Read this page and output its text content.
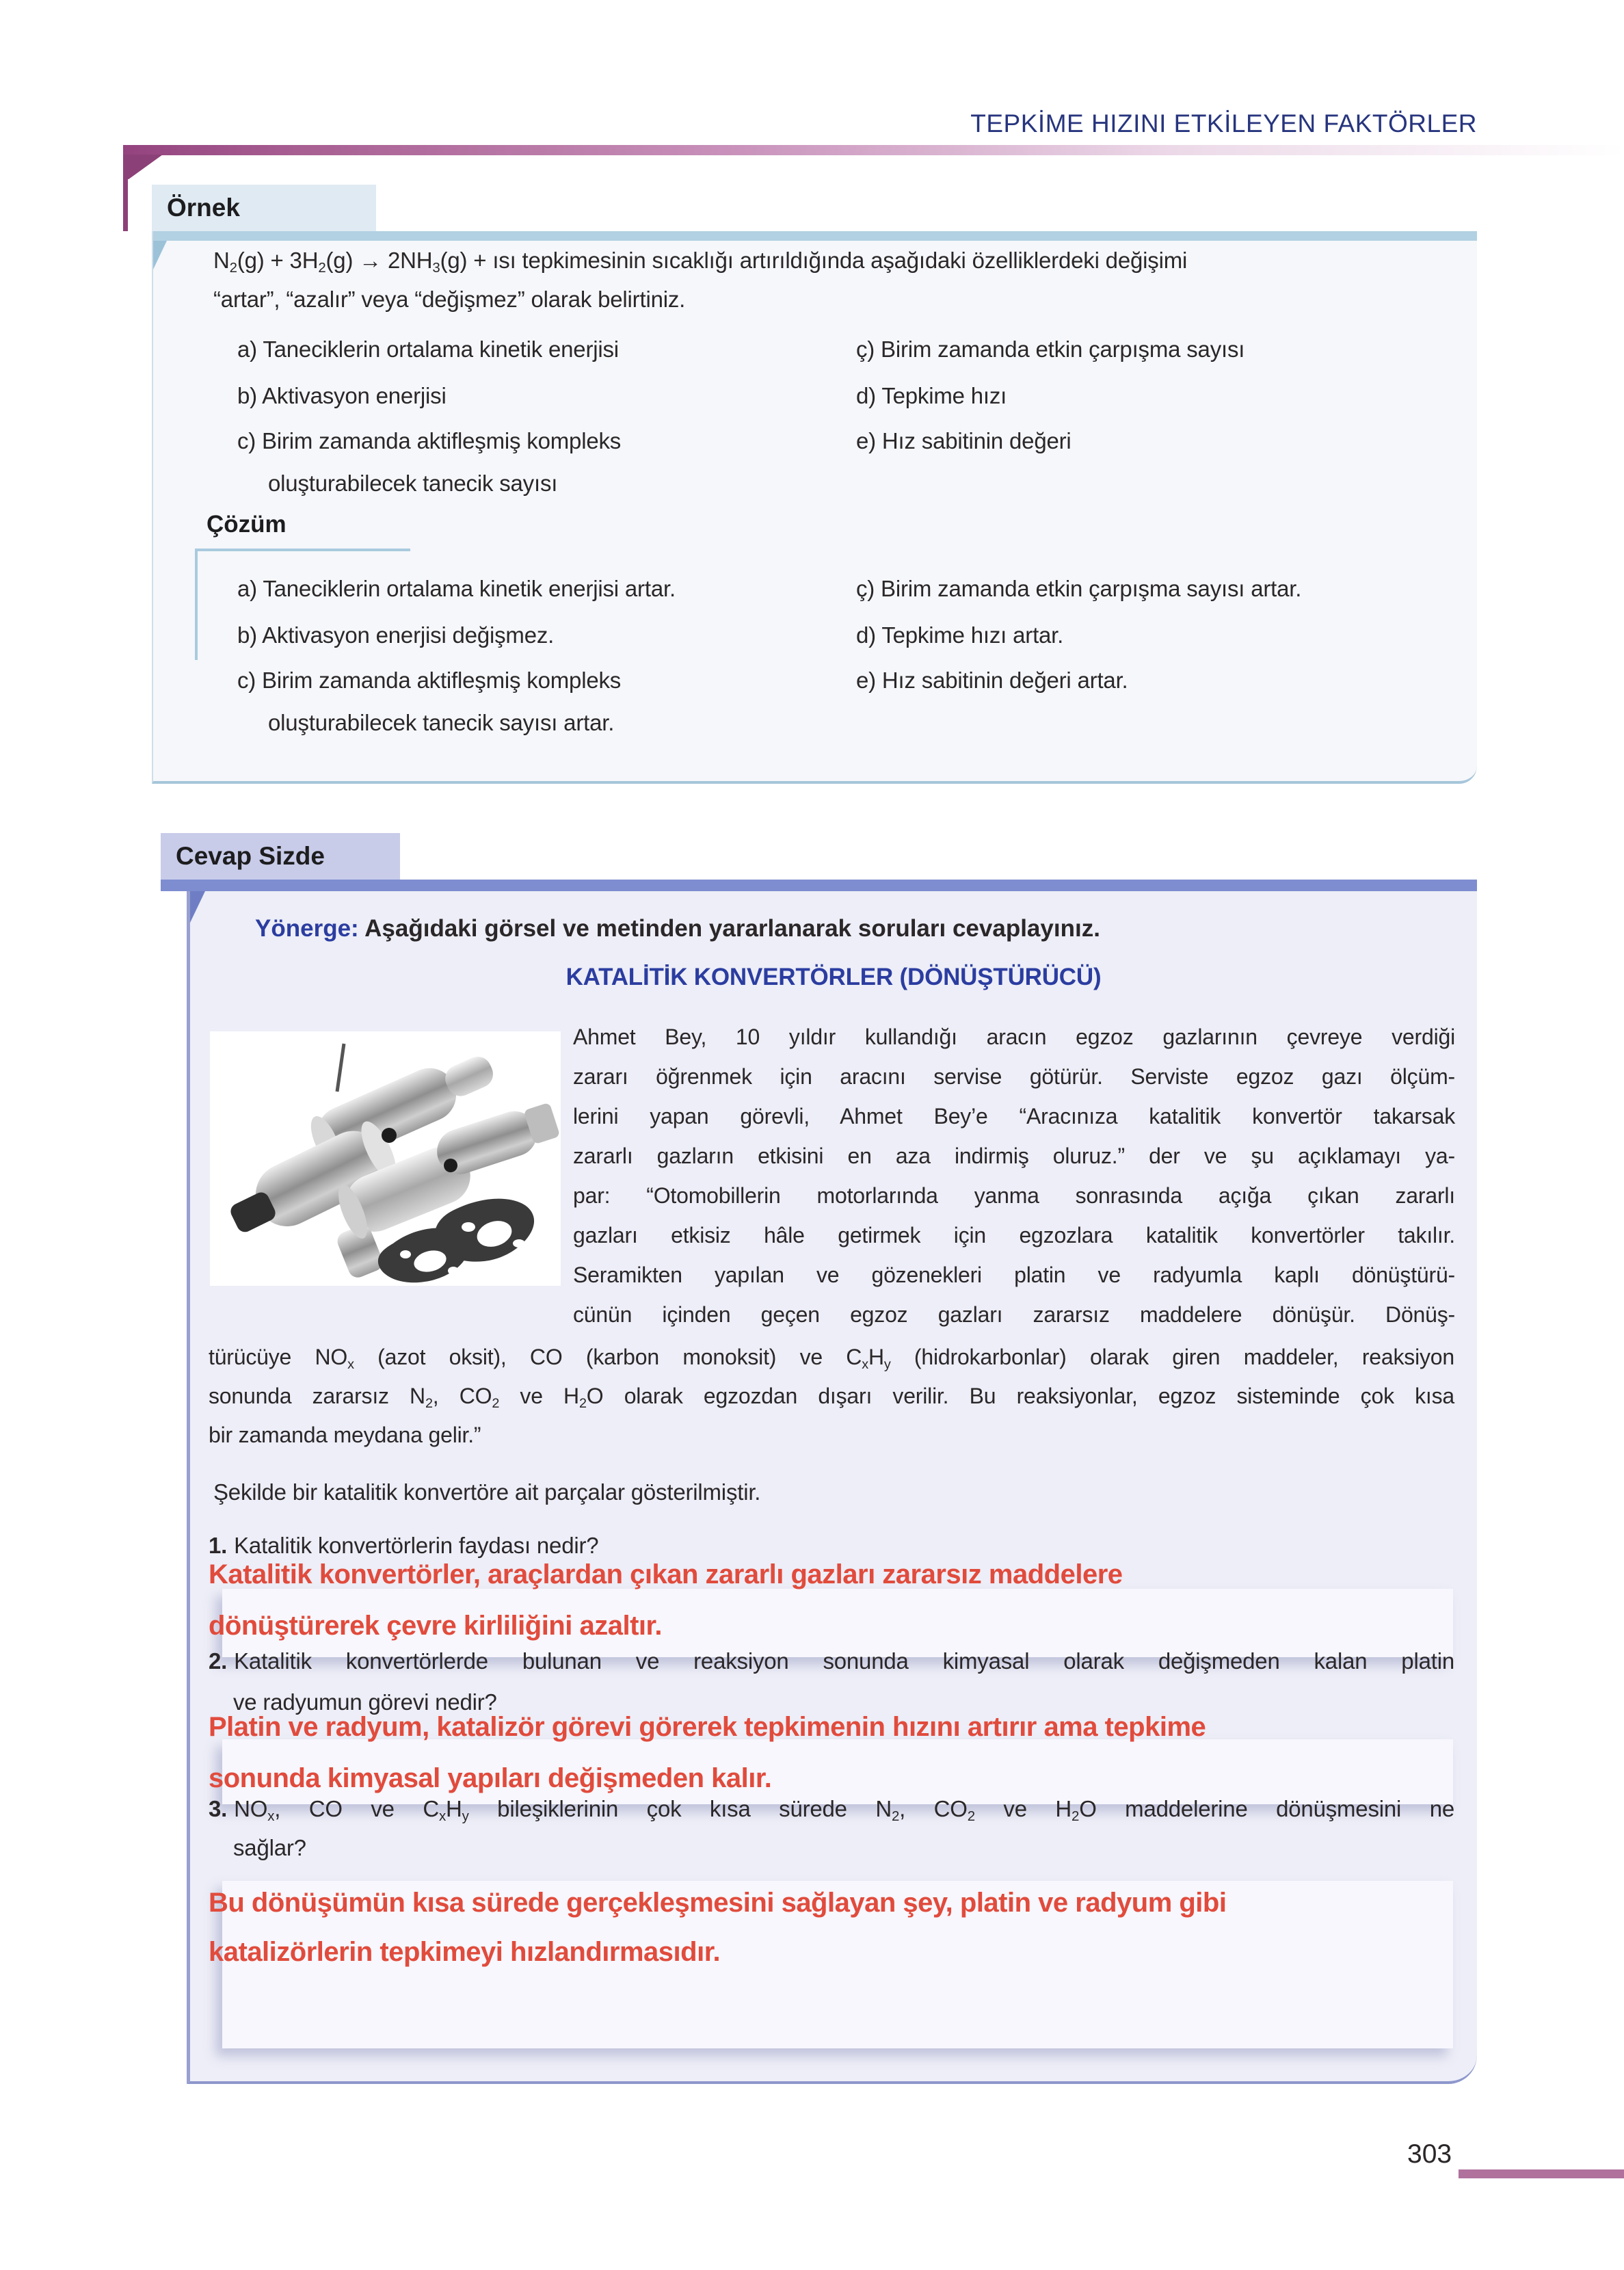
TEPKİME HIZINI ETKİLEYEN FAKTÖRLER
Örnek
$N_2(g) + 3H_2(g) \to 2NH_3(g)$ + ısı tepkimesinin sıcaklığı artırıldığında aşağıdaki özelliklerdeki değişimi
“artar”, “azalır” veya “değişmez” olarak belirtiniz.
a) Taneciklerin ortalama kinetik enerjisi
b) Aktivasyon enerjisi
c) Birim zamanda aktifleşmiş kompleks
oluşturabilecek tanecik sayısı
ç) Birim zamanda etkin çarpışma sayısı
d) Tepkime hızı
e) Hız sabitinin değeri
Çözüm
a) Taneciklerin ortalama kinetik enerjisi artar.
b) Aktivasyon enerjisi değişmez.
c) Birim zamanda aktifleşmiş kompleks
oluşturabilecek tanecik sayısı artar.
ç) Birim zamanda etkin çarpışma sayısı artar.
d) Tepkime hızı artar.
e) Hız sabitinin değeri artar.
Cevap Sizde
Yönerge: Aşağıdaki görsel ve metinden yararlanarak soruları cevaplayınız.
KATALİTİK KONVERTÖRLER (DÖNÜŞTÜRÜCÜ)
Ahmet Bey, 10 yıldır kullandığı aracın egzoz gazlarının çevreye verdiği
zararı öğrenmek için aracını servise götürür. Serviste egzoz gazı ölçüm-
lerini yapan görevli, Ahmet Bey’e “Aracınıza katalitik konvertör takarsak
zararlı gazların etkisini en aza indirmiş oluruz.” der ve şu açıklamayı ya-
par: “Otomobillerin motorlarında yanma sonrasında açığa çıkan zararlı
gazları etkisiz hâle getirmek için egzozlara katalitik konvertörler takılır.
Seramikten yapılan ve gözenekleri platin ve radyumla kaplı dönüştürü-
cünün içinden geçen egzoz gazları zararsız maddelere dönüşür. Dönüş-
türücüye $NO_x$ (azot oksit), CO (karbon monoksit) ve $C_xH_y$ (hidrokarbonlar) olarak giren maddeler, reaksiyon
sonunda zararsız $N_2$, $CO_2$ ve $H_2O$ olarak egzozdan dışarı verilir. Bu reaksiyonlar, egzoz sisteminde çok kısa
bir zamanda meydana gelir.”
Şekilde bir katalitik konvertöre ait parçalar gösterilmiştir.
1. Katalitik konvertörlerin faydası nedir?
Katalitik konvertörler, araçlardan çıkan zararlı gazları zararsız maddelere
dönüştürerek çevre kirliliğini azaltır.
2. Katalitik konvertörlerde bulunan ve reaksiyon sonunda kimyasal olarak değişmeden kalan platin
ve radyumun görevi nedir?
Platin ve radyum, katalizör görevi görerek tepkimenin hızını artırır ama tepkime
sonunda kimyasal yapıları değişmeden kalır.
3. $NO_x$, CO ve $C_xH_y$ bileşiklerinin çok kısa sürede $N_2$, $CO_2$ ve $H_2O$ maddelerine dönüşmesini ne
sağlar?
Bu dönüşümün kısa sürede gerçekleşmesini sağlayan şey, platin ve radyum gibi
katalizörlerin tepkimeyi hızlandırmasıdır.
303
